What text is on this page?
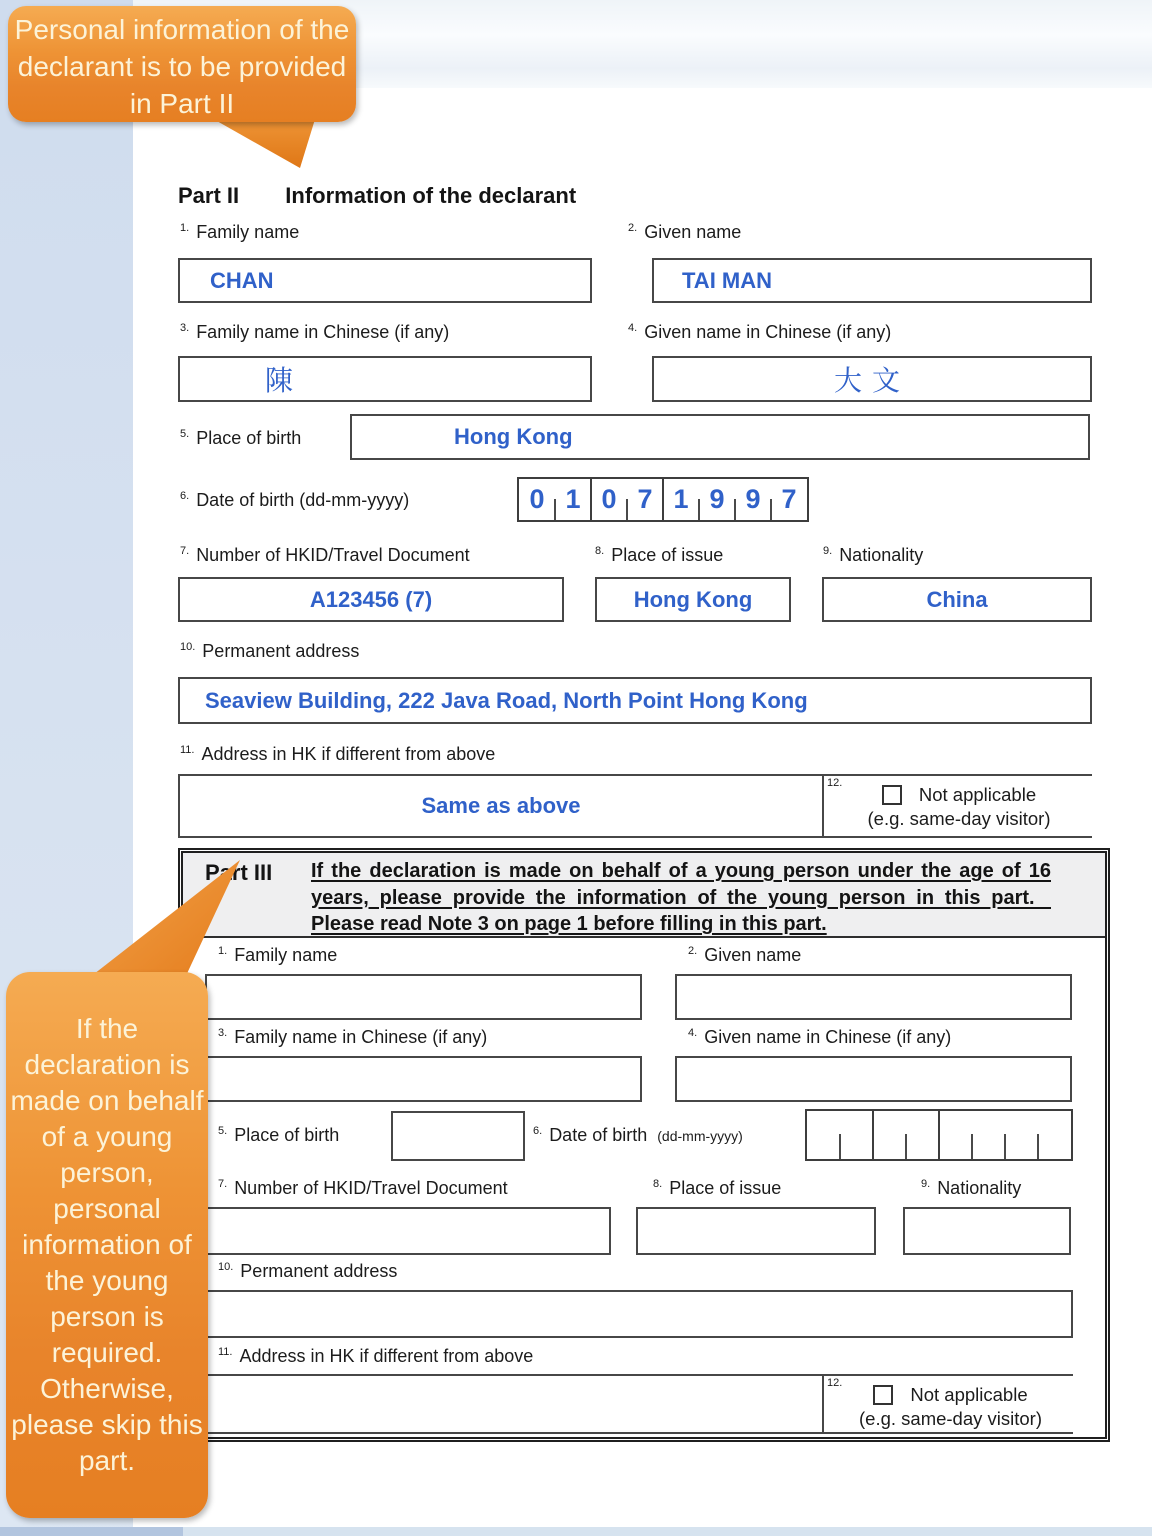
Part II Information of the declarant
$^{1.}$ Family name	$^{2.}$ Given name
CHAN	TAI MAN
$^{3.}$ Family name in Chinese (if any)	$^{4.}$ Given name in Chinese (if any)
陳	大文
$^{5.}$ Place of birth	Hong Kong
$^{6.}$ Date of birth (dd-mm-yyyy)	0 1 0 7 1 9 9 7
$^{7.}$ Number of HKID/Travel Document	$^{8.}$ Place of issue	$^{9.}$ Nationality
A123456 (7)	Hong Kong	China
$^{10.}$ Permanent address
Seaview Building, 222 Java Road, North Point Hong Kong
$^{11.}$ Address in HK if different from above
Same as above
12.
Not applicable
(e.g. same-day visitor)
Part III If the declaration is made on behalf of a young person under the age of 16 years, please provide the information of the young person in this part.   Please read Note 3 on page 1 before filling in this part.
$^{1.}$ Family name	$^{2.}$ Given name
$^{3.}$ Family name in Chinese (if any)	$^{4.}$ Given name in Chinese (if any)
$^{5.}$ Place of birth	$^{6.}$ Date of birth (dd-mm-yyyy)
$^{7.}$ Number of HKID/Travel Document	$^{8.}$ Place of issue	$^{9.}$ Nationality
$^{10.}$ Permanent address
$^{11.}$ Address in HK if different from above
12.
Not applicable
(e.g. same-day visitor)
Personal information of the declarant is to be provided in Part II
If the declaration is made on behalf of a young person, personal information of the young person is required. Otherwise, please skip this part.
